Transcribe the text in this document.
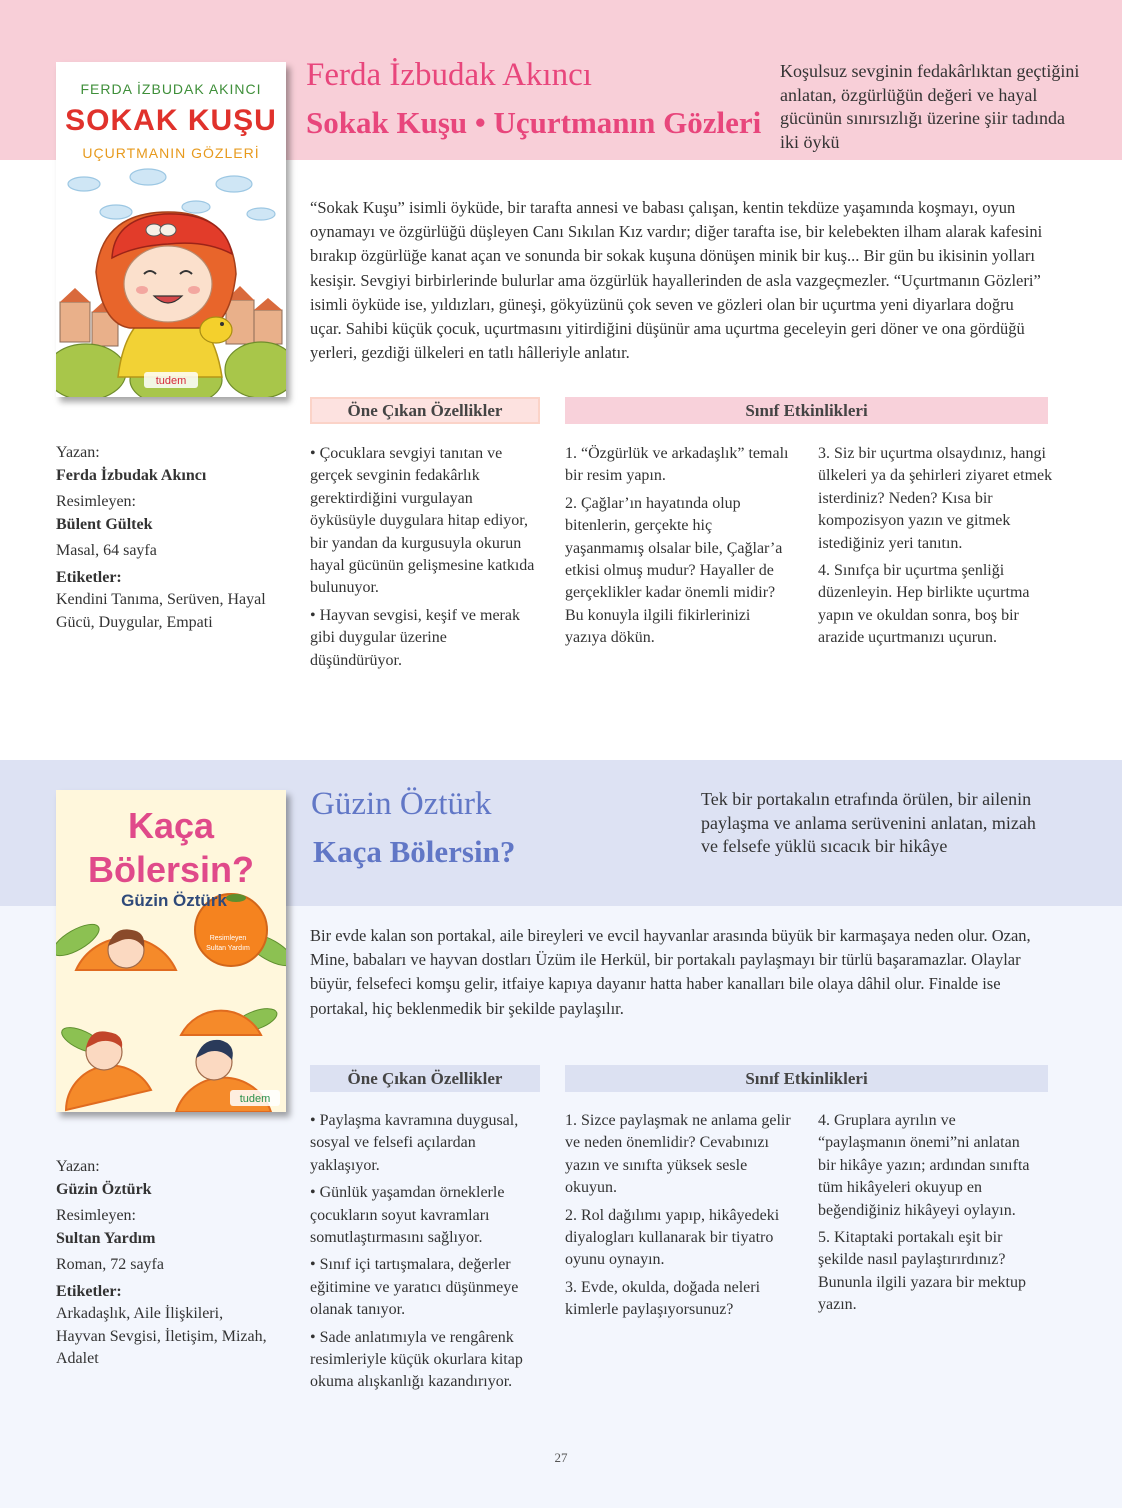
FERDA İZBUDAK AKINCI
SOKAK KUŞU
UÇURTMANIN GÖZLERİ
tudem
Ferda İzbudak Akıncı
Sokak Kuşu • Uçurtmanın Gözleri
Koşulsuz sevginin fedakârlıktan geçtiğini anlatan, özgürlüğün değeri ve hayal gücünün sınırsızlığı üzerine şiir tadında iki öykü

“Sokak Kuşu” isimli öyküde, bir tarafta annesi ve babası çalışan, kentin tekdüze yaşamında koşmayı, oyun oynamayı ve özgürlüğü düşleyen Canı Sıkılan Kız vardır; diğer tarafta ise, bir kelebekten ilham alarak kafesini bırakıp özgürlüğe kanat açan ve sonunda bir sokak kuşuna dönüşen minik bir kuş... Bir gün bu ikisinin yolları kesişir. Sevgiyi birbirlerinde bulurlar ama özgürlük hayallerinden de asla vazgeçmezler. “Uçurtmanın Gözleri” isimli öyküde ise, yıldızları, güneşi, gökyüzünü çok seven ve gözleri olan bir uçurtma yeni diyarlara doğru uçar. Sahibi küçük çocuk, uçurtmasını yitirdiğini düşünür ama uçurtma geceleyin geri döner ve ona gördüğü yerleri, gezdiği ülkeleri en tatlı hâlleriyle anlatır.

Öne Çıkan Özellikler	Sınıf Etkinlikleri

• Çocuklara sevgiyi tanıtan ve gerçek sevginin fedakârlık gerektirdiğini vurgulayan öyküsüyle duygulara hitap ediyor, bir yandan da kurgusuyla okurun hayal gücünün gelişmesine katkıda bulunuyor.

• Hayvan sevgisi, keşif ve merak gibi duygular üzerine düşündürüyor.

1. “Özgürlük ve arkadaşlık” temalı bir resim yapın.

2. Çağlar’ın hayatında olup bitenlerin, gerçekte hiç yaşanmamış olsalar bile, Çağlar’a etkisi olmuş mudur? Hayaller de gerçeklikler kadar önemli midir? Bu konuyla ilgili fikirlerinizi yazıya dökün.

3. Siz bir uçurtma olsaydınız, hangi ülkeleri ya da şehirleri ziyaret etmek isterdiniz? Neden? Kısa bir kompozisyon yazın ve gitmek istediğiniz yeri tanıtın.

4. Sınıfça bir uçurtma şenliği düzenleyin. Hep birlikte uçurtma yapın ve okuldan sonra, boş bir arazide uçurtmanızı uçurun.

Yazan:
Ferda İzbudak Akıncı
Resimleyen:
Bülent Gültek
Masal, 64 sayfa
Etiketler:
Kendini Tanıma, Serüven, Hayal Gücü, Duygular, Empati
Kaça
Bölersin?
Güzin Öztürk
Resimleyen
Sultan Yardım
tudem
Güzin Öztürk
Kaça Bölersin?
Tek bir portakalın etrafında örülen, bir ailenin paylaşma ve anlama serüvenini anlatan, mizah ve felsefe yüklü sıcacık bir hikâye

Bir evde kalan son portakal, aile bireyleri ve evcil hayvanlar arasında büyük bir karmaşaya neden olur. Ozan, Mine, babaları ve hayvan dostları Üzüm ile Herkül, bir portakalı paylaşmayı bir türlü başaramazlar. Olaylar büyür, felsefeci komşu gelir, itfaiye kapıya dayanır hatta haber kanalları bile olaya dâhil olur. Finalde ise portakal, hiç beklenmedik bir şekilde paylaşılır.

Öne Çıkan Özellikler	Sınıf Etkinlikleri

• Paylaşma kavramına duygusal, sosyal ve felsefi açılardan yaklaşıyor.

• Günlük yaşamdan örneklerle çocukların soyut kavramları somutlaştırmasını sağlıyor.

• Sınıf içi tartışmalara, değerler eğitimine ve yaratıcı düşünmeye olanak tanıyor.

• Sade anlatımıyla ve rengârenk resimleriyle küçük okurlara kitap okuma alışkanlığı kazandırıyor.

1. Sizce paylaşmak ne anlama gelir ve neden önemlidir? Cevabınızı yazın ve sınıfta yüksek sesle okuyun.

2. Rol dağılımı yapıp, hikâyedeki diyalogları kullanarak bir tiyatro oyunu oynayın.

3. Evde, okulda, doğada neleri kimlerle paylaşıyorsunuz?

4. Gruplara ayrılın ve “paylaşmanın önemi”ni anlatan bir hikâye yazın; ardından sınıfta tüm hikâyeleri okuyup en beğendiğiniz hikâyeyi oylayın.

5. Kitaptaki portakalı eşit bir şekilde nasıl paylaştırırdınız? Bununla ilgili yazara bir mektup yazın.

Yazan:
Güzin Öztürk
Resimleyen:
Sultan Yardım
Roman, 72 sayfa
Etiketler:
Arkadaşlık, Aile İlişkileri, Hayvan Sevgisi, İletişim, Mizah, Adalet
27
